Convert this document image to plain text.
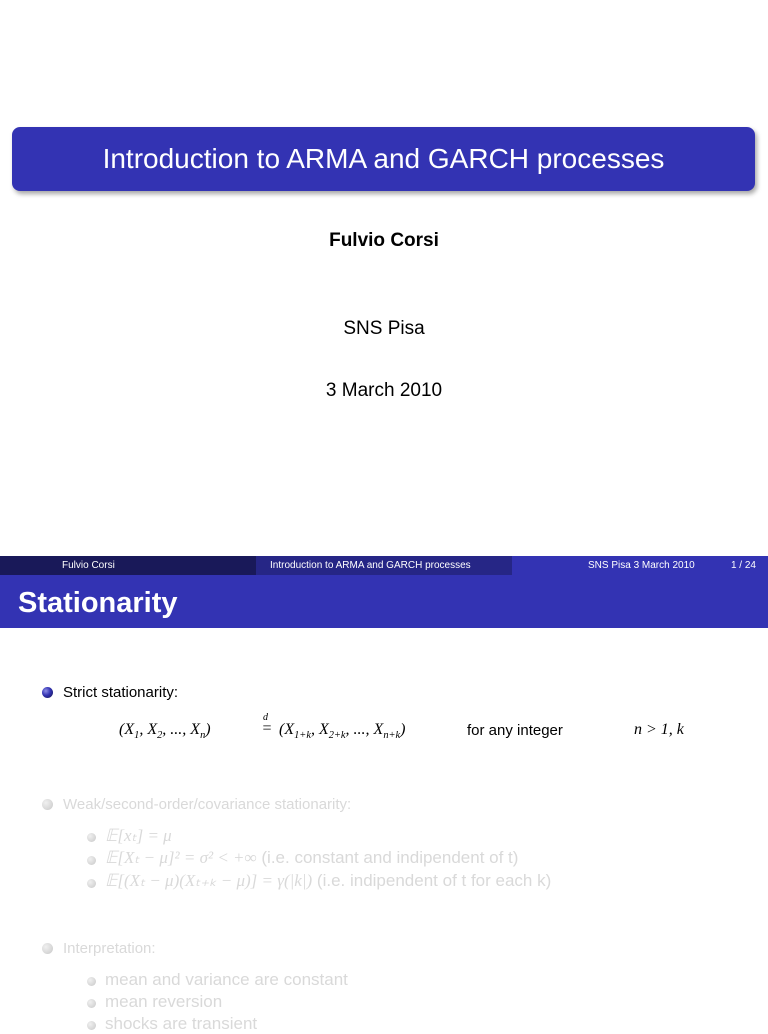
Introduction to ARMA and GARCH processes
Fulvio Corsi
SNS Pisa
3 March 2010
Fulvio Corsi	Introduction to ARMA and GARCH processes	SNS Pisa 3 March 2010	1 / 24
Stationarity
Strict stationarity:
($X_1$, $X_2$, ..., $X_n$)
d
= ($X_{1+k}$, $X_{2+k}$, ..., $X_{n+k}$)	for any integer	n > 1, k
Weak/second-order/covariance stationarity:
𝔼[xₜ] = μ
𝔼[Xₜ − μ]² = σ² < +∞ (i.e. constant and indipendent of t)
𝔼[(Xₜ − μ)(Xₜ₊ₖ − μ)] = γ(|k|) (i.e. indipendent of t for each k)
Interpretation:
mean and variance are constant
mean reversion
shocks are transient
